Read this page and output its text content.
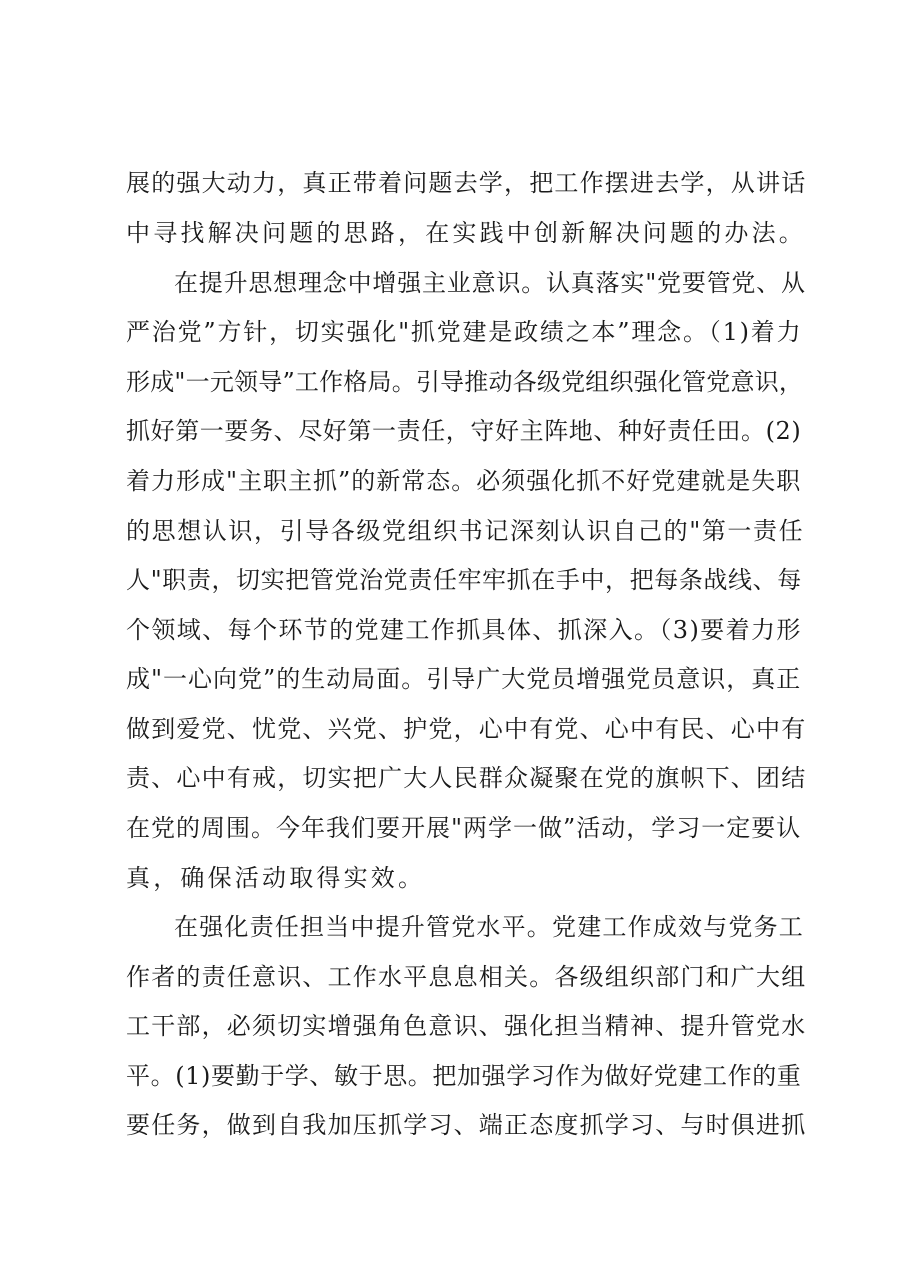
展的强大动力，真正带着问题去学，把工作摆进去学，从讲话
中寻找解决问题的思路，在实践中创新解决问题的办法。
在提升思想理念中增强主业意识。认真落实"党要管党、从
严治党”方针，切实强化"抓党建是政绩之本”理念。（1)着力
形成"一元领导”工作格局。引导推动各级党组织强化管党意识，
抓好第一要务、尽好第一责任，守好主阵地、种好责任田。(2)
着力形成"主职主抓”的新常态。必须强化抓不好党建就是失职
的思想认识，引导各级党组织书记深刻认识自己的"第一责任
人"职责，切实把管党治党责任牢牢抓在手中，把每条战线、每
个领域、每个环节的党建工作抓具体、抓深入。（3)要着力形
成"一心向党”的生动局面。引导广大党员增强党员意识，真正
做到爱党、忧党、兴党、护党，心中有党、心中有民、心中有
责、心中有戒，切实把广大人民群众凝聚在党的旗帜下、团结
在党的周围。今年我们要开展"两学一做”活动，学习一定要认
真，确保活动取得实效。
在强化责任担当中提升管党水平。党建工作成效与党务工
作者的责任意识、工作水平息息相关。各级组织部门和广大组
工干部，必须切实增强角色意识、强化担当精神、提升管党水
平。(1)要勤于学、敏于思。把加强学习作为做好党建工作的重
要任务，做到自我加压抓学习、端正态度抓学习、与时俱进抓
